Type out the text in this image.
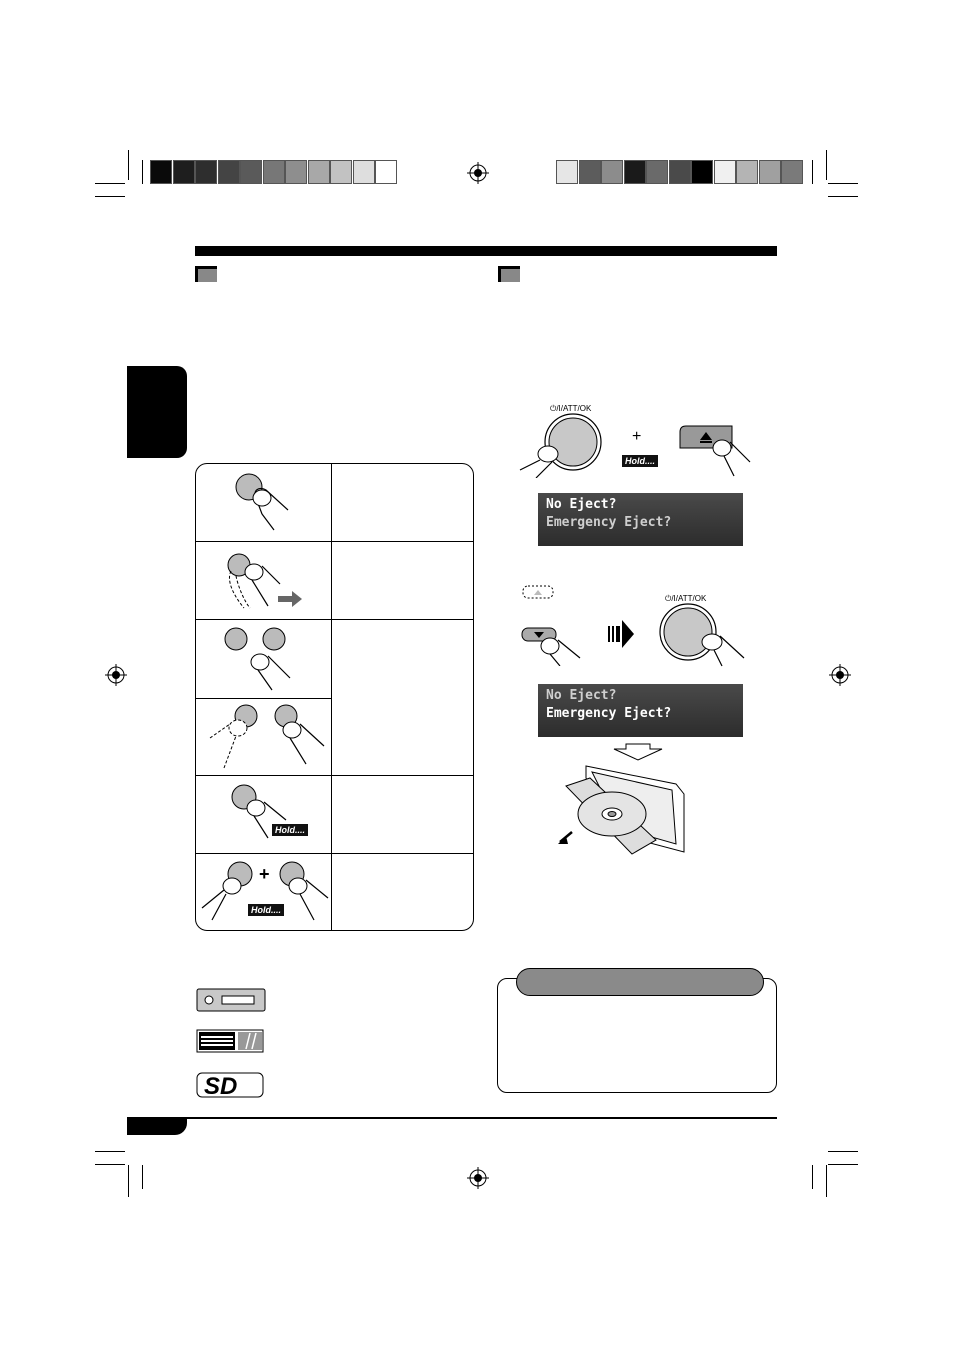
Hold....
+
Hold....
⏻/I/ATT/OK
+
Hold....
No Eject?
Emergency Eject?
⏻/I/ATT/OK
No Eject?
Emergency Eject?
SD
